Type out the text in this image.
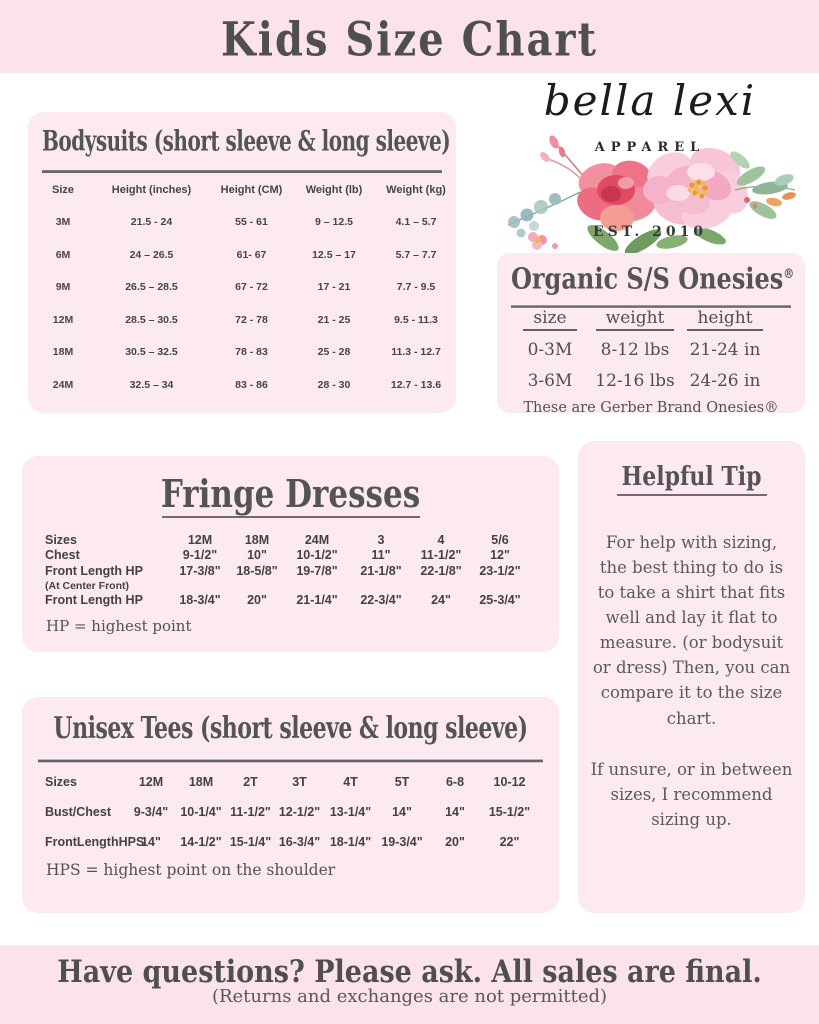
Kids Size Chart
Bodysuits (short sleeve & long sleeve)
Size	Height (inches)	Height (CM)	Weight (lb)	Weight (kg)
3M	21.5 - 24	55 - 61	9 – 12.5	4.1 – 5.7
6M	24 – 26.5	61- 67	12.5 – 17	5.7 – 7.7
9M	26.5 – 28.5	67 - 72	17 - 21	7.7 - 9.5
12M	28.5 – 30.5	72 - 78	21 - 25	9.5 - 11.3
18M	30.5 – 32.5	78 - 83	25 - 28	11.3 - 12.7
24M	32.5 – 34	83 - 86	28 - 30	12.7 - 13.6
bella lexi
APPAREL
EST. 2010
Organic S/S Onesies®
size	weight	height
0-3M	8-12 lbs	21-24 in
3-6M	12-16 lbs 24-26 in
These are Gerber Brand Onesies®
Fringe Dresses
Sizes	12M	18M	24M	3	4	5/6
Chest	9-1/2"	10"	10-1/2"	11"	11-1/2"	12"
Front Length HP	17-3/8"	18-5/8"	19-7/8"	21-1/8"	22-1/8"	23-1/2"
(At Center Front)
Front Length HP	18-3/4"	20"	21-1/4"	22-3/4"	24"	25-3/4"
HP = highest point
Helpful Tip

For help with sizing, the best thing to do is to take a shirt that fits well and lay it flat to measure. (or bodysuit or dress) Then, you can compare it to the size chart.

If unsure, or in between sizes, I recommend sizing up.

Unisex Tees (short sleeve & long sleeve)
Sizes	12M	18M	2T	3T	4T	5T	6-8	10-12
Bust/Chest	9-3/4" 10-1/4" 11-1/2" 12-1/2" 13-1/4"	14"	14"	15-1/2"
FrontLengthHPS
14"	14-1/2" 15-1/4" 16-3/4" 18-1/4" 19-3/4"	20"	22"
HPS = highest point on the shoulder

Have questions? Please ask. All sales are final.

(Returns and exchanges are not permitted)
